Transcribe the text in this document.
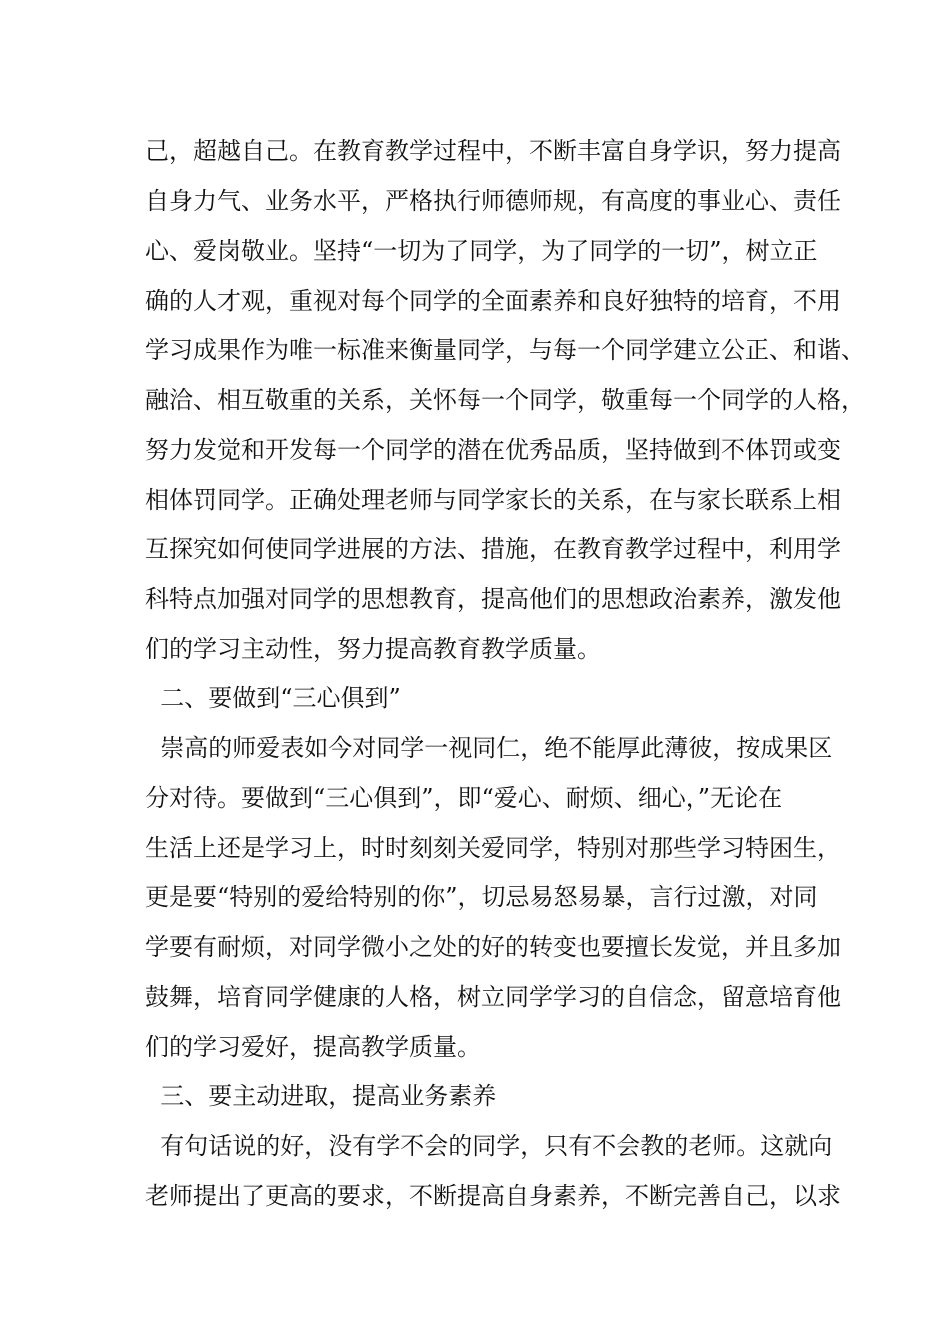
己，超越自己。在教育教学过程中，不断丰富自身学识，努力提高
自身力气、业务水平，严格执行师德师规，有高度的事业心、责任
心、爱岗敬业。坚持“一切为了同学，为了同学的一切”，树立正
确的人才观，重视对每个同学的全面素养和良好独特的培育，不用
学习成果作为唯一标准来衡量同学，与每一个同学建立公正、和谐、
融洽、相互敬重的关系，关怀每一个同学，敬重每一个同学的人格，
努力发觉和开发每一个同学的潜在优秀品质，坚持做到不体罚或变
相体罚同学。正确处理老师与同学家长的关系，在与家长联系上相
互探究如何使同学进展的方法、措施，在教育教学过程中，利用学
科特点加强对同学的思想教育，提高他们的思想政治素养，激发他
们的学习主动性，努力提高教育教学质量。
二、要做到“三心俱到”
崇高的师爱表如今对同学一视同仁，绝不能厚此薄彼，按成果区
分对待。要做到“三心俱到”，即“爱心、耐烦、细心，”无论在
生活上还是学习上，时时刻刻关爱同学，特别对那些学习特困生，
更是要“特别的爱给特别的你”，切忌易怒易暴，言行过激，对同
学要有耐烦，对同学微小之处的好的转变也要擅长发觉，并且多加
鼓舞，培育同学健康的人格，树立同学学习的自信念，留意培育他
们的学习爱好，提高教学质量。
三、要主动进取，提高业务素养
有句话说的好，没有学不会的同学，只有不会教的老师。这就向
老师提出了更高的要求，不断提高自身素养，不断完善自己，以求
